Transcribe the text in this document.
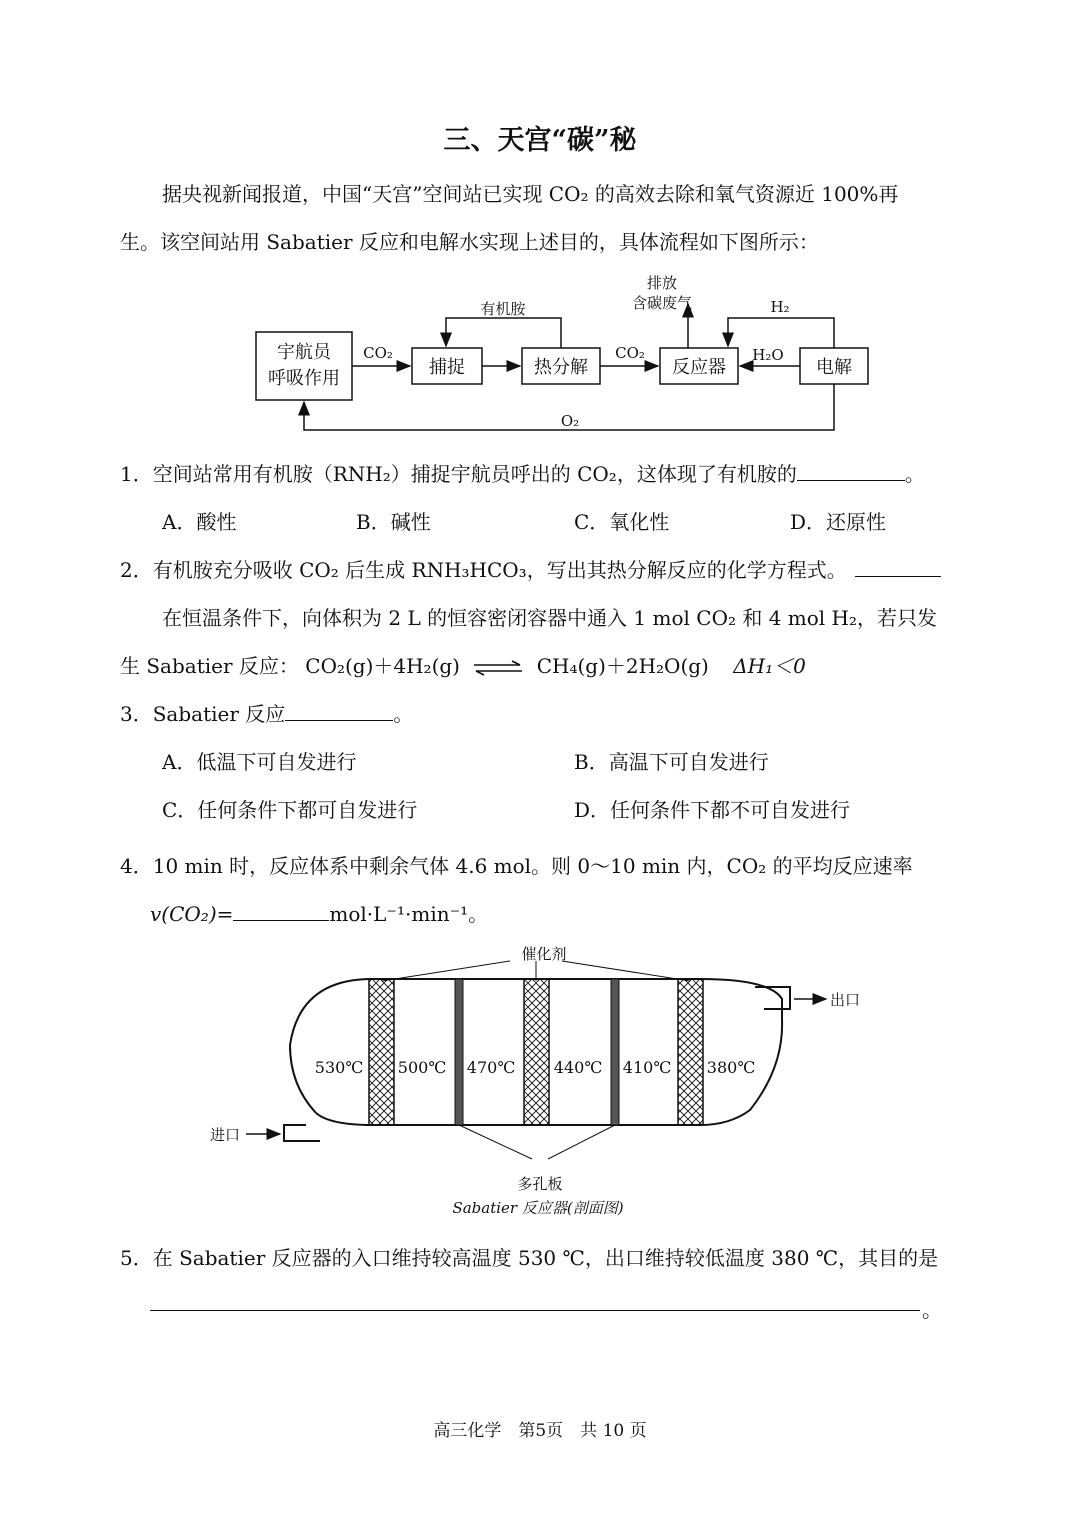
三、天宫“碳”秘
据央视新闻报道，中国“天宫”空间站已实现 CO₂ 的高效去除和氧气资源近 100%再
生。该空间站用 Sabatier 反应和电解水实现上述目的，具体流程如下图所示：
宇航员
呼吸作用
捕捉	热分解	反应器	电解
CO₂	CO₂
有机胺
排放
含碳废气	H₂
H₂O
O₂
1．空间站常用有机胺（RNH₂）捕捉宇航员呼出的 CO₂，这体现了有机胺的	。
A．酸性	B．碱性	C．氧化性	D．还原性
2．有机胺充分吸收 CO₂ 后生成 RNH₃HCO₃，写出其热分解反应的化学方程式。
在恒温条件下，向体积为 2 L 的恒容密闭容器中通入 1 mol CO₂ 和 4 mol H₂，若只发
生 Sabatier 反应： CO₂(g)＋4H₂(g) ⇌ CH₄(g)＋2H₂O(g) ΔH₁＜0
3．Sabatier 反应	。
A．低温下可自发进行	B．高温下可自发进行
C．任何条件下都可自发进行	D．任何条件下都不可自发进行
4．10 min 时，反应体系中剩余气体 4.6 mol。则 0～10 min 内，CO₂ 的平均反应速率
v(CO₂)=	mol·L⁻¹·min⁻¹。
催化剂
出口
进口
多孔板
Sabatier 反应器(剖面图)
530℃ 500℃ 470℃ 440℃ 410℃ 380℃
5．在 Sabatier 反应器的入口维持较高温度 530 ℃，出口维持较低温度 380 ℃，其目的是
。
高三化学　第5页　共 10 页
